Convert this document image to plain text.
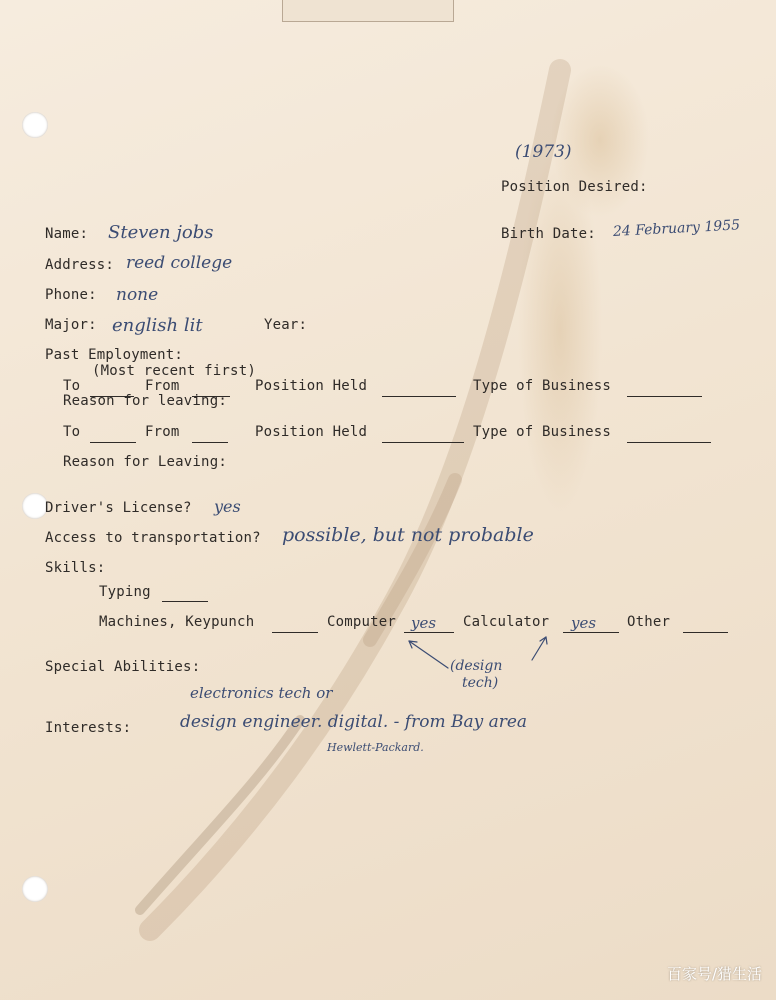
(1973)
Position Desired:
Name: Steven jobs	Birth Date: 24 February 1955
Address: reed college
Phone: none
Major: english lit	Year:
Past Employment:
(Most recent first)
To	From	Position Held	Type of Business
Reason for leaving:
To	From	Position Held	Type of Business
Reason for Leaving:
Driver's License? yes
Access to transportation? possible, but not probable
Skills:
Typing
Machines, Keypunch	Computer yes Calculator yes Other
(design
tech)
Special Abilities:
electronics tech or
Interests:	design engineer. digital. - from Bay area
Hewlett-Packard.
百家号/猎生活
